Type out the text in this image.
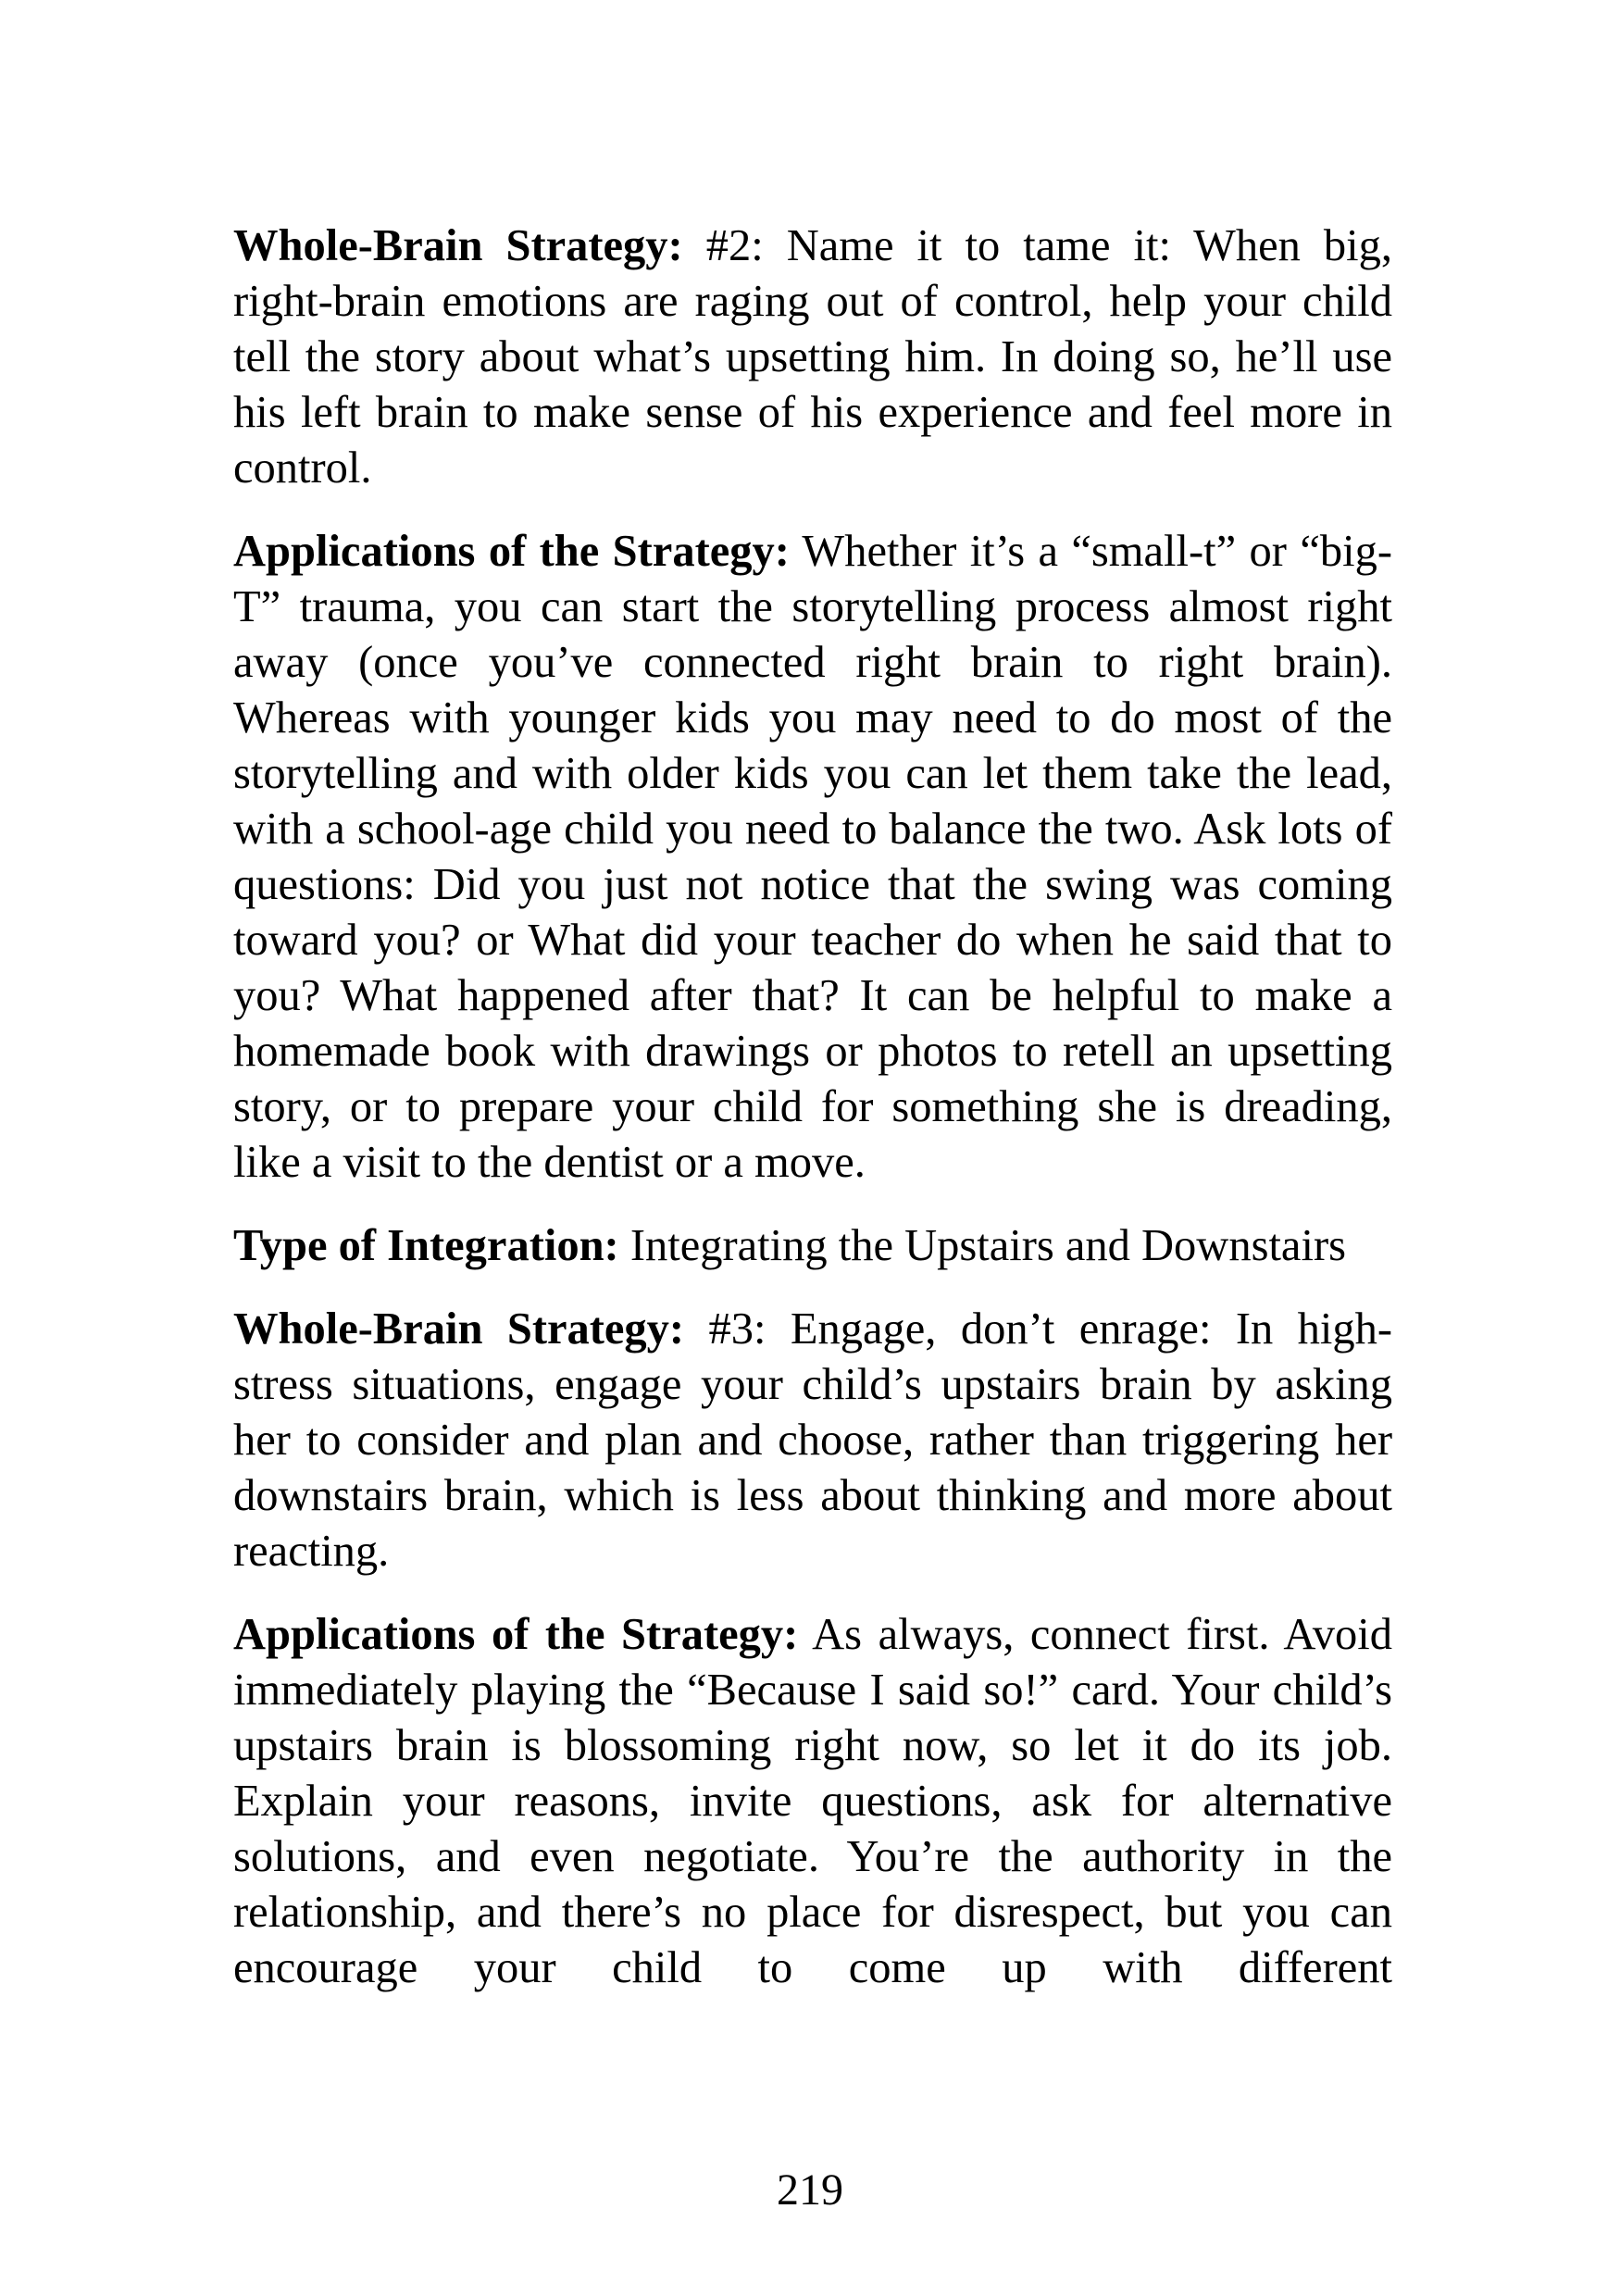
Whole-Brain Strategy: #2: Name it to tame it: When big, right-brain emotions are raging out of control, help your child tell the story about what’s upsetting him. In doing so, he’ll use his left brain to make sense of his experience and feel more in control.

Applications of the Strategy: Whether it’s a “small-t” or “big-T” trauma, you can start the storytelling process almost right away (once you’ve connected right brain to right brain). Whereas with younger kids you may need to do most of the storytelling and with older kids you can let them take the lead, with a school-age child you need to balance the two. Ask lots of questions: Did you just not notice that the swing was coming toward you? or What did your teacher do when he said that to you? What happened after that? It can be helpful to make a homemade book with drawings or photos to retell an upsetting story, or to prepare your child for something she is dreading, like a visit to the dentist or a move.

Type of Integration: Integrating the Upstairs and Downstairs

Whole-Brain Strategy: #3: Engage, don’t enrage: In high-stress situations, engage your child’s upstairs brain by asking her to consider and plan and choose, rather than triggering her downstairs brain, which is less about thinking and more about reacting.

Applications of the Strategy: As always, connect first. Avoid immediately playing the “Because I said so!” card. Your child’s upstairs brain is blossoming right now, so let it do its job. Explain your reasons, invite questions, ask for alternative solutions, and even negotiate. You’re the authority in the relationship, and there’s no place for disrespect, but you can encourage your child to come up with different

219
